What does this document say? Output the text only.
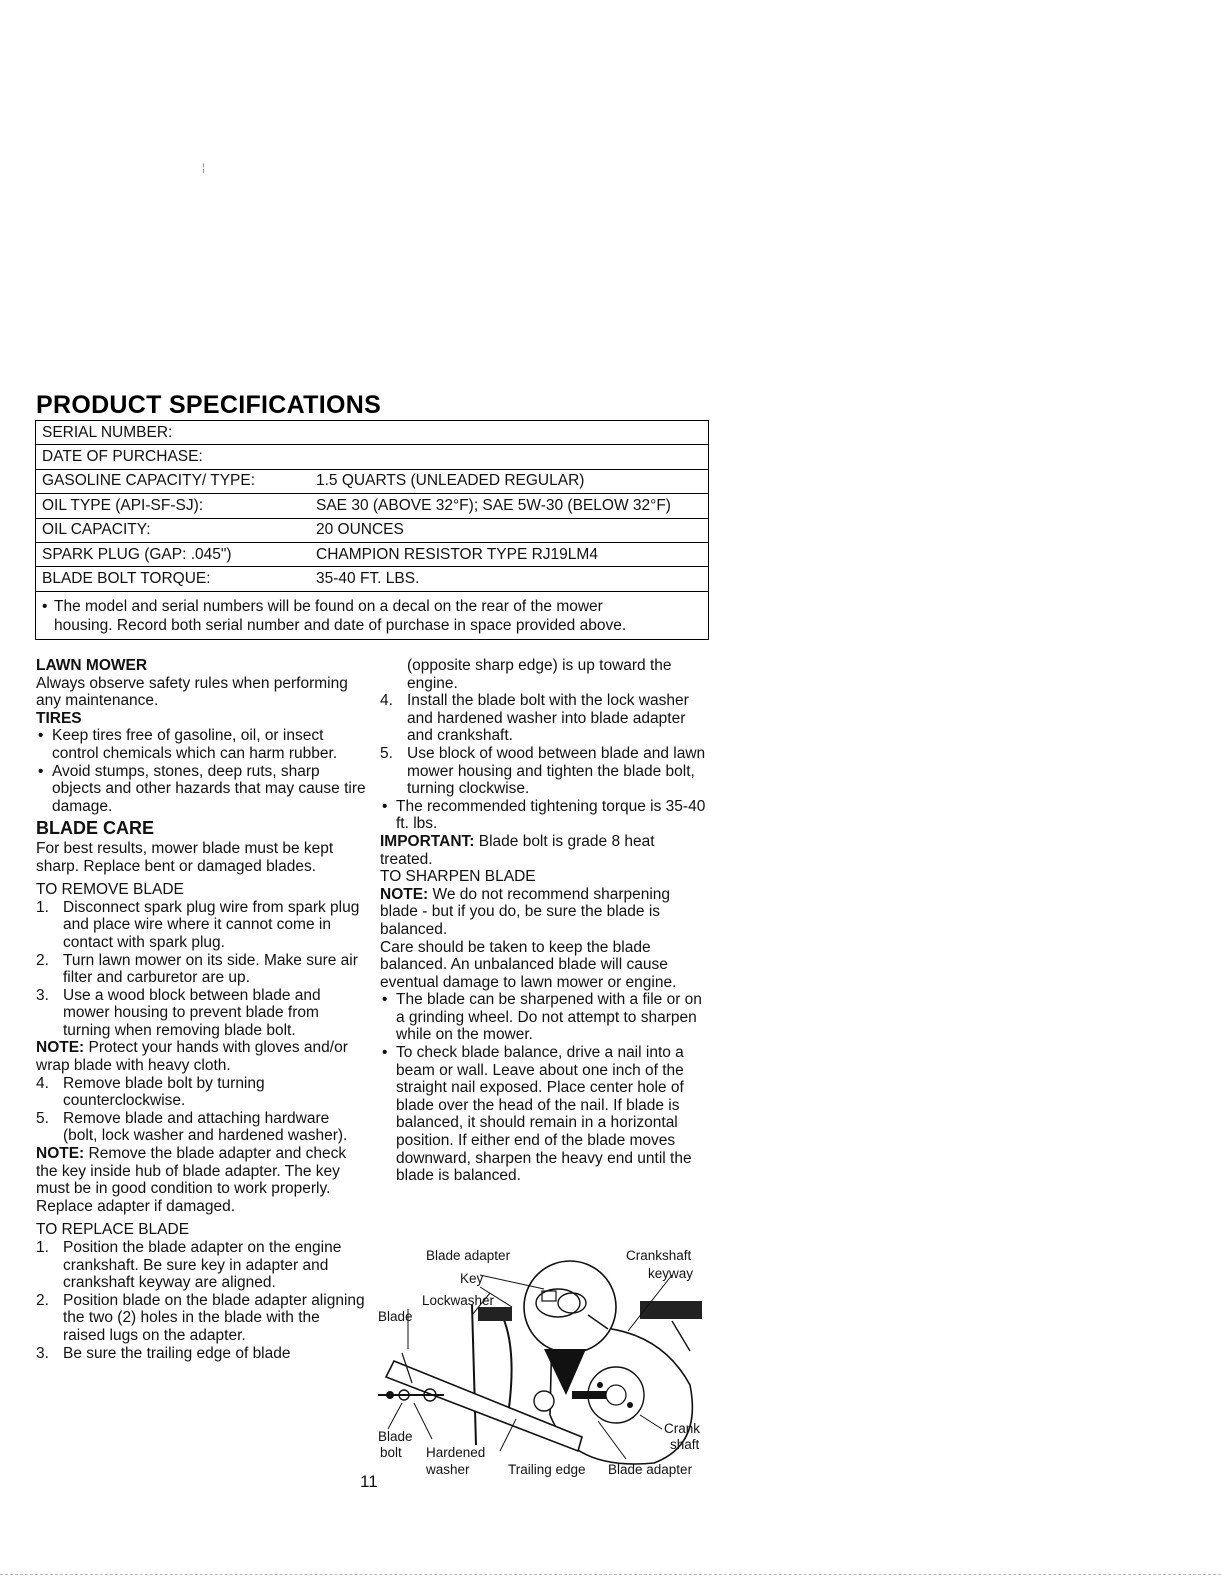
¦
PRODUCT SPECIFICATIONS
SERIAL NUMBER:
DATE OF PURCHASE:
GASOLINE CAPACITY/ TYPE:	1.5 QUARTS (UNLEADED REGULAR)
OIL TYPE (API-SF-SJ):	SAE 30 (ABOVE 32°F); SAE 5W-30 (BELOW 32°F)
OIL CAPACITY:	20 OUNCES
SPARK PLUG (GAP: .045")	CHAMPION RESISTOR TYPE RJ19LM4
BLADE BOLT TORQUE:	35-40 FT. LBS.
• The model and serial numbers will be found on a decal on the rear of the mower
housing. Record both serial number and date of purchase in space provided above.
LAWN MOWER
Always observe safety rules when performing any maintenance.
TIRES
• Keep tires free of gasoline, oil, or insect control chemicals which can harm rubber.
• Avoid stumps, stones, deep ruts, sharp objects and other hazards that may cause tire damage.
BLADE CARE
For best results, mower blade must be kept sharp. Replace bent or damaged blades.
TO REMOVE BLADE
1. Disconnect spark plug wire from spark plug and place wire where it cannot come in contact with spark plug.
2. Turn lawn mower on its side. Make sure air filter and carburetor are up.
3. Use a wood block between blade and mower housing to prevent blade from turning when removing blade bolt.
NOTE: Protect your hands with gloves and/or wrap blade with heavy cloth.
4. Remove blade bolt by turning counterclockwise.
5. Remove blade and attaching hardware (bolt, lock washer and hardened washer).
NOTE: Remove the blade adapter and check the key inside hub of blade adapter. The key must be in good condition to work properly. Replace adapter if damaged.
TO REPLACE BLADE
1. Position the blade adapter on the engine crankshaft. Be sure key in adapter and crankshaft keyway are aligned.
2. Position blade on the blade adapter aligning the two (2) holes in the blade with the raised lugs on the adapter.
3. Be sure the trailing edge of blade
(opposite sharp edge) is up toward the engine.
4. Install the blade bolt with the lock washer and hardened washer into blade adapter and crankshaft.
5. Use block of wood between blade and lawn mower housing and tighten the blade bolt, turning clockwise.
• The recommended tightening torque is 35-40 ft. lbs.
IMPORTANT: Blade bolt is grade 8 heat treated.
TO SHARPEN BLADE
NOTE: We do not recommend sharpening blade - but if you do, be sure the blade is balanced.
Care should be taken to keep the blade balanced. An unbalanced blade will cause eventual damage to lawn mower or engine.
• The blade can be sharpened with a file or on a grinding wheel. Do not attempt to sharpen while on the mower.
• To check blade balance, drive a nail into a beam or wall. Leave about one inch of the straight nail exposed. Place center hole of blade over the head of the nail. If blade is balanced, it should remain in a horizontal position. If either end of the blade moves downward, sharpen the heavy end until the blade is balanced.
Blade adapter	Crankshaft
keyway
Key
Lockwasher
Blade
Blade
bolt Hardened
washer	Trailing edge Blade adapter
Crank
shaft
11
